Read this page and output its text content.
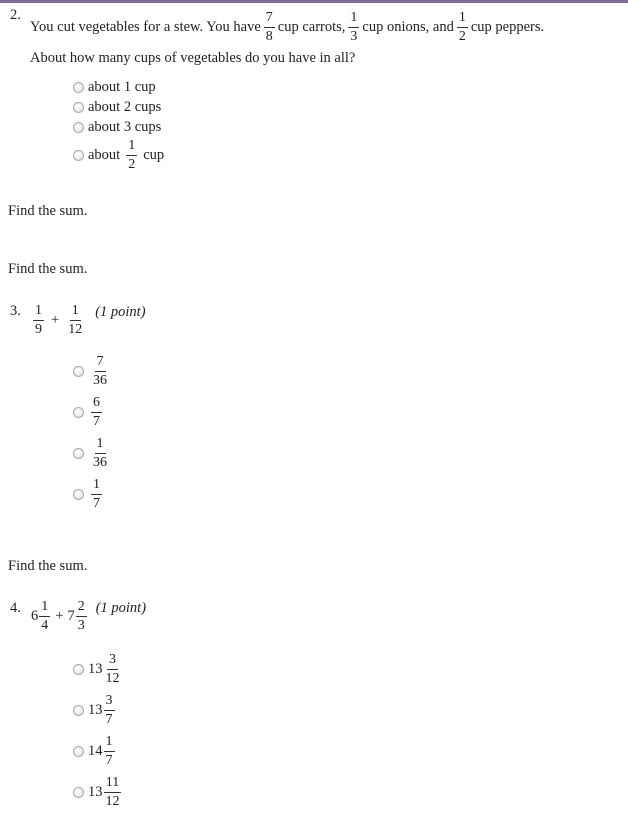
2.
You cut vegetables for a stew. You have $\frac{7}{8}$ cup carrots, $\frac{1}{3}$ cup onions, and $\frac{1}{2}$ cup peppers.
About how many cups of vegetables do you have in all?
about 1 cup
about 2 cups
about 3 cups
about $\frac{1}{2}$ cup
Find the sum.
Find the sum.
3. $\frac{1}{9} + \frac{1}{12} (1$ point)
$\frac{7}{36}$
$\frac{6}{7}$
$\frac{1}{36}$
$\frac{1}{7}$
Find the sum.
4. $6 \frac{1}{4} + 7 \frac{2}{3} (1$ point)
$13 \frac{3}{12}$
$13 \frac{3}{7}$
$14 \frac{1}{7}$
$13 \frac{11}{12}$
